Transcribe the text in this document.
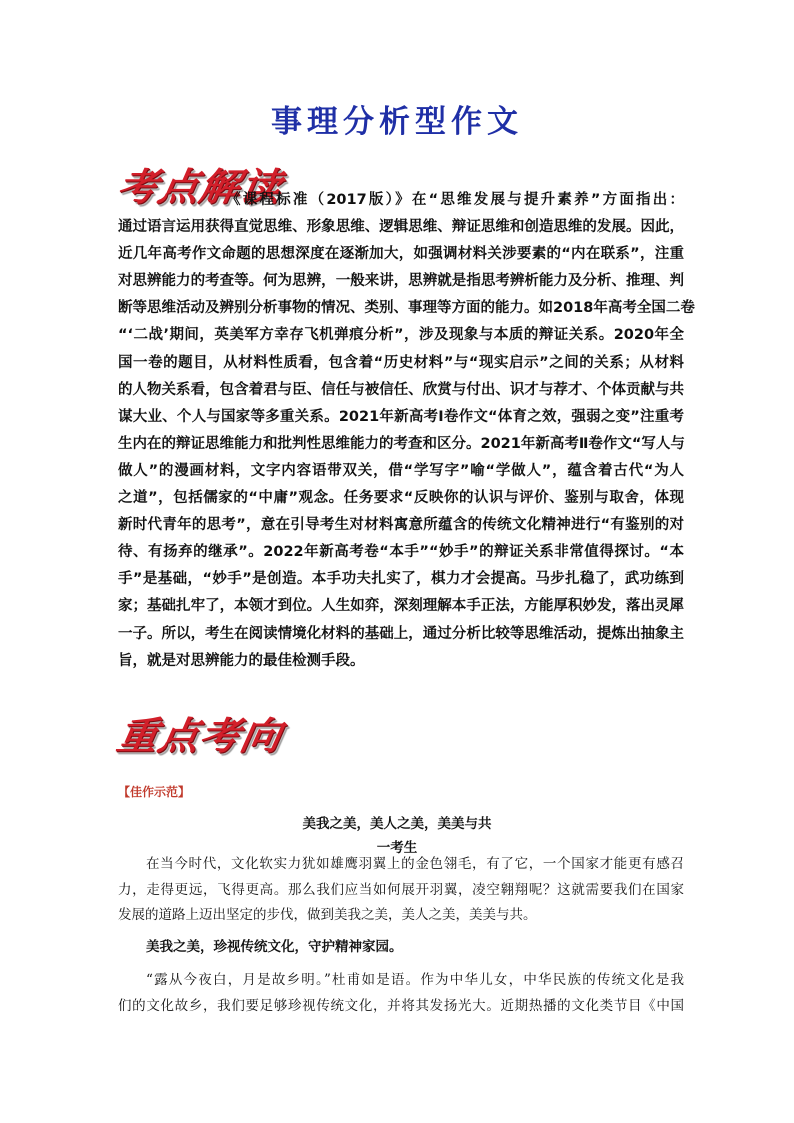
事理分析型作文
考点解读

《课程标准（2017版）》在“思维发展与提升素养”方面指出：
通过语言运用获得直觉思维、形象思维、逻辑思维、辩证思维和创造思维的发展。因此，
近几年高考作文命题的思想深度在逐渐加大，如强调材料关涉要素的“内在联系”，注重
对思辨能力的考查等。何为思辨，一般来讲，思辨就是指思考辨析能力及分析、推理、判
断等思维活动及辨别分析事物的情况、类别、事理等方面的能力。如2018年高考全国二卷
“‘二战’期间，英美军方幸存飞机弹痕分析”，涉及现象与本质的辩证关系。2020年全
国一卷的题目，从材料性质看，包含着“历史材料”与“现实启示”之间的关系；从材料
的人物关系看，包含着君与臣、信任与被信任、欣赏与付出、识才与荐才、个体贡献与共
谋大业、个人与国家等多重关系。2021年新高考Ⅰ卷作文“体育之效，强弱之变”注重考
生内在的辩证思维能力和批判性思维能力的考查和区分。2021年新高考Ⅱ卷作文“写人与
做人”的漫画材料，文字内容语带双关，借“学写字”喻“学做人”，蕴含着古代“为人
之道”，包括儒家的“中庸”观念。任务要求“反映你的认识与评价、鉴别与取舍，体现
新时代青年的思考”，意在引导考生对材料寓意所蕴含的传统文化精神进行“有鉴别的对
待、有扬弃的继承”。2022年新高考卷“本手”“妙手”的辩证关系非常值得探讨。“本
手”是基础，“妙手”是创造。本手功夫扎实了，棋力才会提高。马步扎稳了，武功练到
家；基础扎牢了，本领才到位。人生如弈，深刻理解本手正法，方能厚积妙发，落出灵犀
一子。所以，考生在阅读情境化材料的基础上，通过分析比较等思维活动，提炼出抽象主
旨，就是对思辨能力的最佳检测手段。

重点考向
【佳作示范】
美我之美，美人之美，美美与共
一考生

在当今时代，文化软实力犹如雄鹰羽翼上的金色翎毛，有了它，一个国家才能更有感召
力，走得更远，飞得更高。那么我们应当如何展开羽翼，凌空翱翔呢？这就需要我们在国家
发展的道路上迈出坚定的步伐，做到美我之美，美人之美，美美与共。

美我之美，珍视传统文化，守护精神家园。

“露从今夜白，月是故乡明。”杜甫如是语。作为中华儿女，中华民族的传统文化是我
们的文化故乡，我们要足够珍视传统文化，并将其发扬光大。近期热播的文化类节目《中国
